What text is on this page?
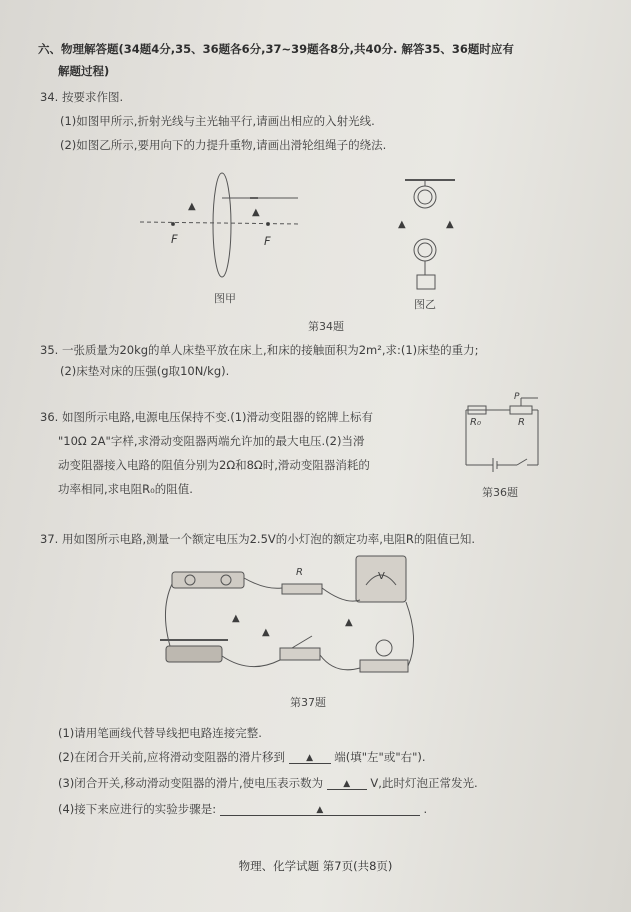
六、物理解答题(34题4分,35、36题各6分,37~39题各8分,共40分. 解答35、36题时应有
解题过程)
34. 按要求作图.
(1)如图甲所示,折射光线与主光轴平行,请画出相应的入射光线.
(2)如图乙所示,要用向下的力提升重物,请画出滑轮组绳子的绕法.
▲
▲
F	F
图甲
▲	▲
图乙
第34题
35. 一张质量为20kg的单人床垫平放在床上,和床的接触面积为2m²,求:(1)床垫的重力;
(2)床垫对床的压强(g取10N/kg).
36. 如图所示电路,电源电压保持不变.(1)滑动变阻器的铭牌上标有
"10Ω 2A"字样,求滑动变阻器两端允许加的最大电压.(2)当滑
动变阻器接入电路的阻值分别为2Ω和8Ω时,滑动变阻器消耗的
功率相同,求电阻R₀的阻值.
R₀	R
P
第36题
37. 用如图所示电路,测量一个额定电压为2.5V的小灯泡的额定功率,电阻R的阻值已知.
R	V
▲
▲
▲
第37题
(1)请用笔画线代替导线把电路连接完整.
(2)在闭合开关前,应将滑动变阻器的滑片移到 ▲ 端(填"左"或"右").
(3)闭合开关,移动滑动变阻器的滑片,使电压表示数为 ▲ V,此时灯泡正常发光.
(4)接下来应进行的实验步骤是:	▲	.
物理、化学试题 第7页(共8页)
